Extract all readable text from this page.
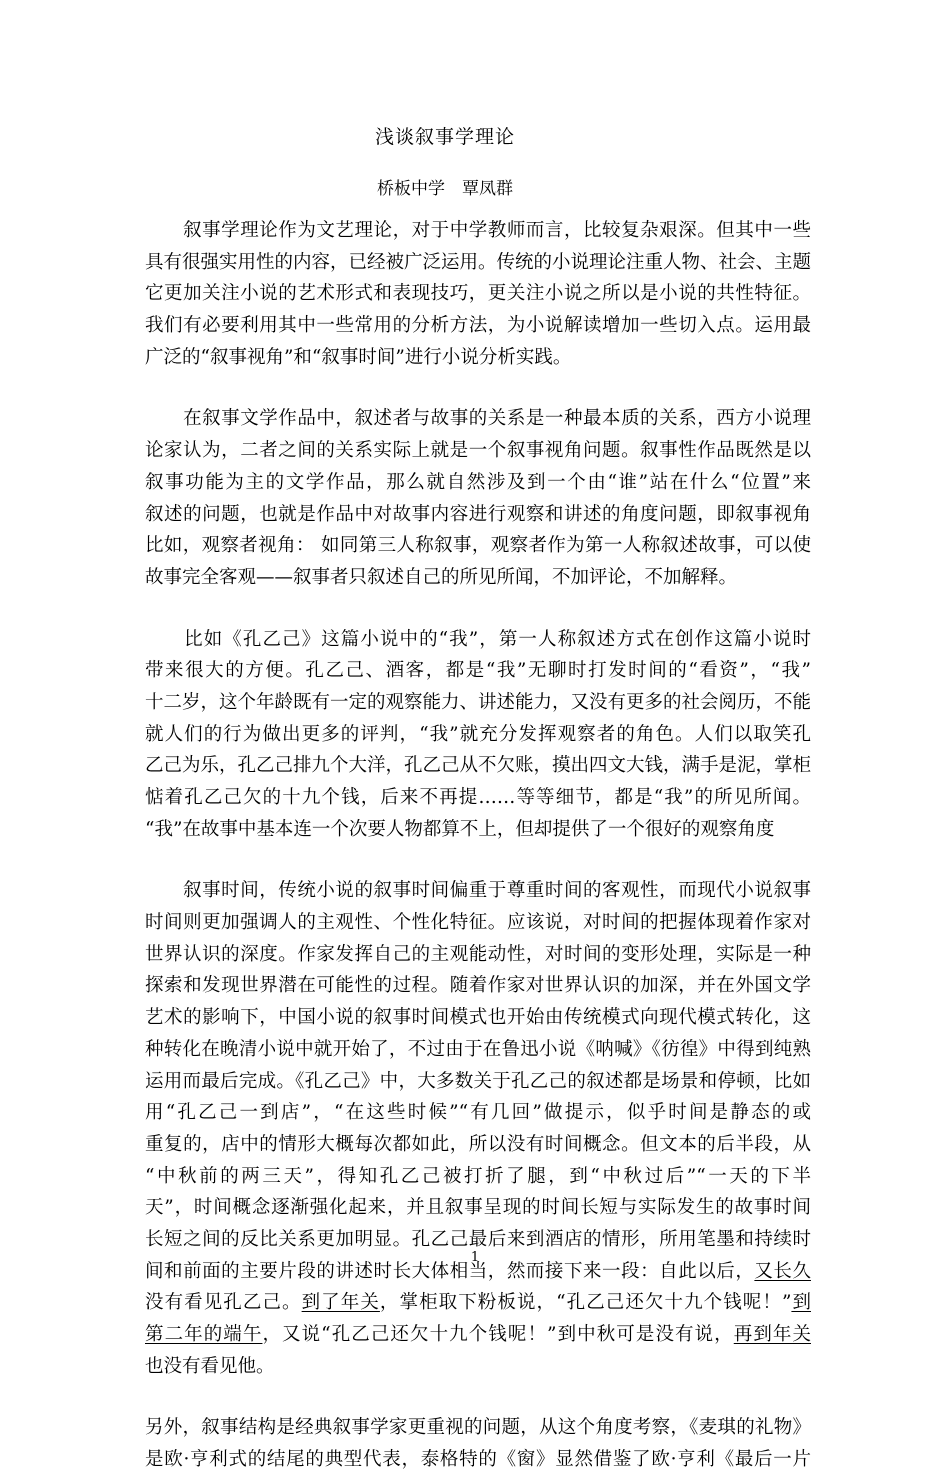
浅谈叙事学理论
桥板中学　覃凤群
　　叙事学理论作为文艺理论，对于中学教师而言，比较复杂艰深。但其中一些
具有很强实用性的内容，已经被广泛运用。传统的小说理论注重人物、社会、主题
它更加关注小说的艺术形式和表现技巧，更关注小说之所以是小说的共性特征。
我们有必要利用其中一些常用的分析方法，为小说解读增加一些切入点。运用最
广泛的“叙事视角”和“叙事时间”进行小说分析实践。
　　在叙事文学作品中，叙述者与故事的关系是一种最本质的关系，西方小说理
论家认为，二者之间的关系实际上就是一个叙事视角问题。叙事性作品既然是以
叙事功能为主的文学作品，那么就自然涉及到一个由“谁”站在什么“位置”来
叙述的问题，也就是作品中对故事内容进行观察和讲述的角度问题，即叙事视角
比如，观察者视角： 如同第三人称叙事，观察者作为第一人称叙述故事，可以使
故事完全客观——叙事者只叙述自己的所见所闻，不加评论，不加解释。
　　比如《孔乙己》这篇小说中的“我”，第一人称叙述方式在创作这篇小说时
带来很大的方便。孔乙己、酒客，都是“我”无聊时打发时间的“看资”，“我”
十二岁，这个年龄既有一定的观察能力、讲述能力，又没有更多的社会阅历，不能
就人们的行为做出更多的评判，“我”就充分发挥观察者的角色。人们以取笑孔
乙己为乐，孔乙己排九个大洋，孔乙己从不欠账，摸出四文大钱，满手是泥，掌柜
惦着孔乙己欠的十九个钱，后来不再提……等等细节，都是“我”的所见所闻。
“我”在故事中基本连一个次要人物都算不上，但却提供了一个很好的观察角度
　　叙事时间，传统小说的叙事时间偏重于尊重时间的客观性，而现代小说叙事
时间则更加强调人的主观性、个性化特征。应该说，对时间的把握体现着作家对
世界认识的深度。作家发挥自己的主观能动性，对时间的变形处理，实际是一种
探索和发现世界潜在可能性的过程。随着作家对世界认识的加深，并在外国文学
艺术的影响下，中国小说的叙事时间模式也开始由传统模式向现代模式转化，这
种转化在晚清小说中就开始了，不过由于在鲁迅小说《呐喊》《彷徨》中得到纯熟
运用而最后完成。《孔乙己》中，大多数关于孔乙己的叙述都是场景和停顿，比如
用“孔乙己一到店”，“在这些时候”“有几回”做提示，似乎时间是静态的或
重复的，店中的情形大概每次都如此，所以没有时间概念。但文本的后半段，从
“中秋前的两三天”，得知孔乙己被打折了腿，到“中秋过后”“一天的下半
天”，时间概念逐渐强化起来，并且叙事呈现的时间长短与实际发生的故事时间
长短之间的反比关系更加明显。孔乙己最后来到酒店的情形，所用笔墨和持续时
间和前面的主要片段的讲述时长大体相当，然而接下来一段：自此以后，又长久
没有看见孔乙己。到了年关，掌柜取下粉板说，“孔乙己还欠十九个钱呢！”到
第二年的端午，又说“孔乙己还欠十九个钱呢！”到中秋可是没有说，再到年关
也没有看见他。
另外，叙事结构是经典叙事学家更重视的问题，从这个角度考察，《麦琪的礼物》
是欧·亨利式的结尾的典型代表，泰格特的《窗》显然借鉴了欧·亨利《最后一片
1
